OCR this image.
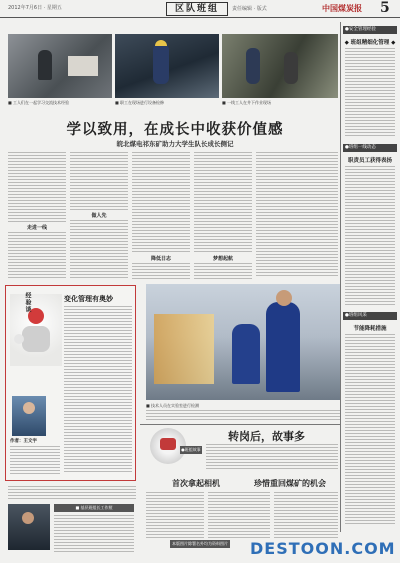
2012年7月6日 · 星期五	区队班组	责任编辑 · 版式	中国煤炭报 5
■ 工人们在一起学习交流技术经验	■ 职工在现场进行设备检修	■ 一线工人在井下作业现场
学以致用，在成长中收获价值感
皖北煤电祁东矿助力大学生队长成长侧记
走进一线
做人先
降低日志	梦想起航
●安全管理经验
◆ 班组精细化管理 ◆
●班组一线动态
职责员工获得表扬
●班组风采
节能降耗措施
经验谈	变化管理有奥妙
作者：王文宇
■ 技术人员在实验室进行检测
转岗后，故事多
●班组故事
首次拿起相机	珍惜重回煤矿的机会
■ 基层班组长工作照
本版图片除署名外均为资料图片 DESTOON.COM
